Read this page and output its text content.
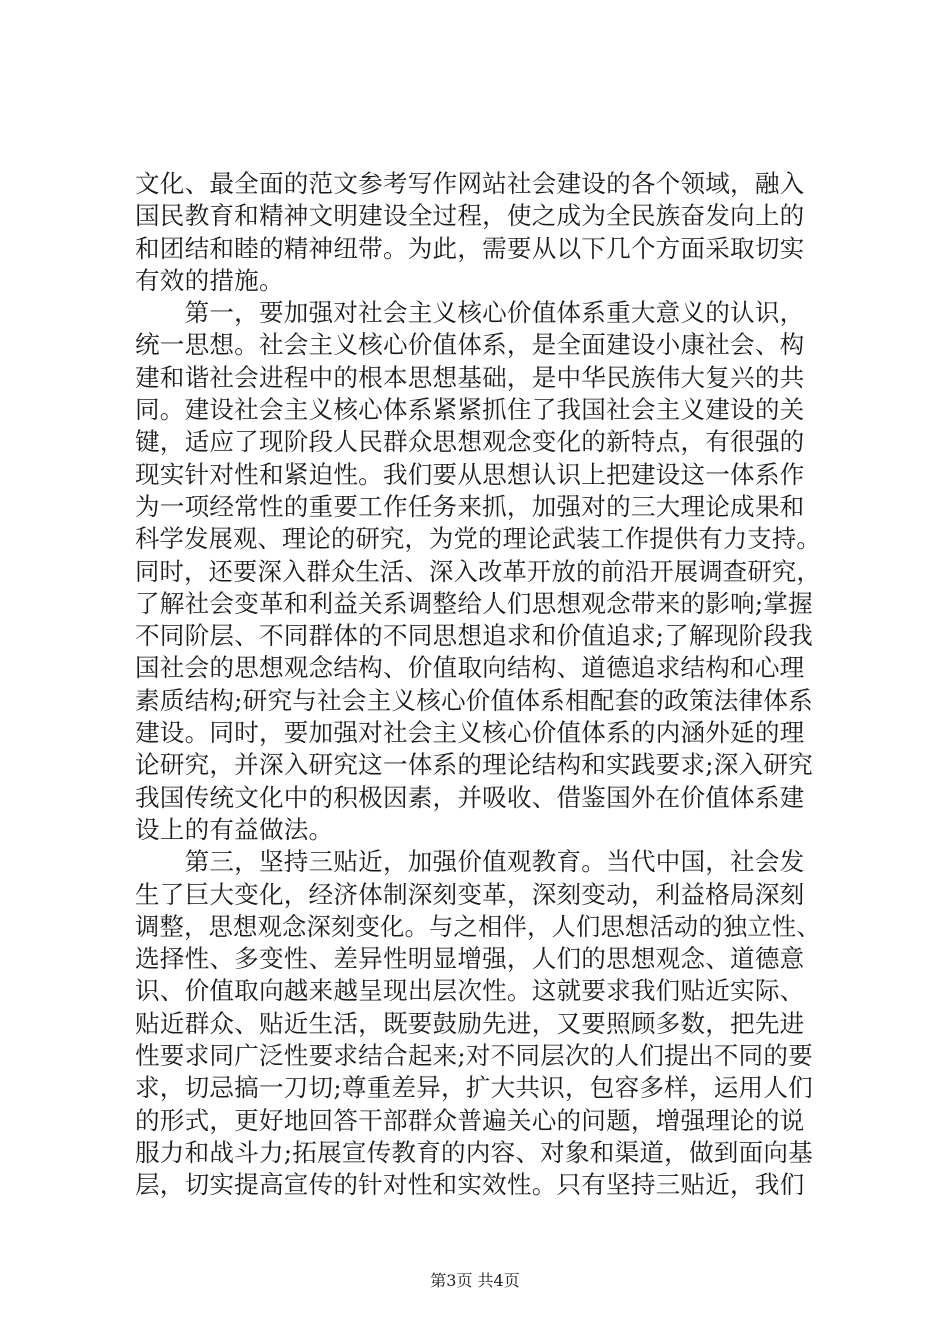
文化、最全面的范文参考写作网站社会建设的各个领域，融入
国民教育和精神文明建设全过程，使之成为全民族奋发向上的
和团结和睦的精神纽带。为此，需要从以下几个方面采取切实
有效的措施。
　　第一，要加强对社会主义核心价值体系重大意义的认识，
统一思想。社会主义核心价值体系，是全面建设小康社会、构
建和谐社会进程中的根本思想基础，是中华民族伟大复兴的共
同。建设社会主义核心体系紧紧抓住了我国社会主义建设的关
键，适应了现阶段人民群众思想观念变化的新特点，有很强的
现实针对性和紧迫性。我们要从思想认识上把建设这一体系作
为一项经常性的重要工作任务来抓，加强对的三大理论成果和
科学发展观、理论的研究，为党的理论武装工作提供有力支持。
同时，还要深入群众生活、深入改革开放的前沿开展调查研究，
了解社会变革和利益关系调整给人们思想观念带来的影响;掌握
不同阶层、不同群体的不同思想追求和价值追求;了解现阶段我
国社会的思想观念结构、价值取向结构、道德追求结构和心理
素质结构;研究与社会主义核心价值体系相配套的政策法律体系
建设。同时，要加强对社会主义核心价值体系的内涵外延的理
论研究，并深入研究这一体系的理论结构和实践要求;深入研究
我国传统文化中的积极因素，并吸收、借鉴国外在价值体系建
设上的有益做法。
　　第三，坚持三贴近，加强价值观教育。当代中国，社会发
生了巨大变化，经济体制深刻变革，深刻变动，利益格局深刻
调整，思想观念深刻变化。与之相伴，人们思想活动的独立性、
选择性、多变性、差异性明显增强，人们的思想观念、道德意
识、价值取向越来越呈现出层次性。这就要求我们贴近实际、
贴近群众、贴近生活，既要鼓励先进，又要照顾多数，把先进
性要求同广泛性要求结合起来;对不同层次的人们提出不同的要
求，切忌搞一刀切;尊重差异，扩大共识，包容多样，运用人们
的形式，更好地回答干部群众普遍关心的问题，增强理论的说
服力和战斗力;拓展宣传教育的内容、对象和渠道，做到面向基
层，切实提高宣传的针对性和实效性。只有坚持三贴近，我们
第3页 共4页
